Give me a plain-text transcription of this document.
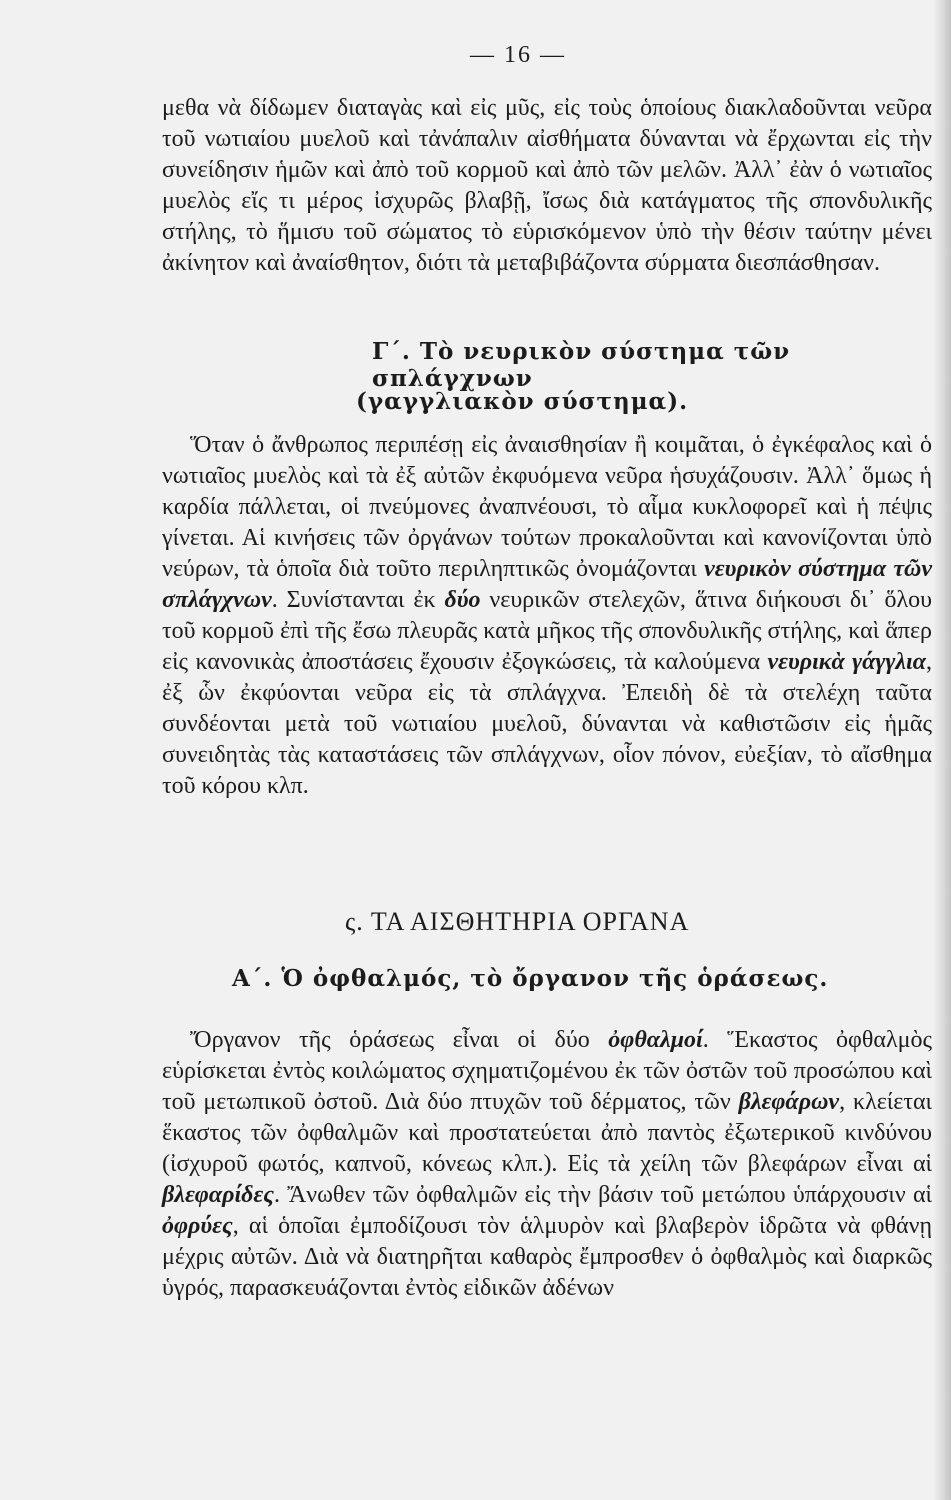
— 16 —

μεθα νὰ δίδωμεν διαταγὰς καὶ εἰς μῦς, εἰς τοὺς ὁποίους διακλαδοῦνται νεῦρα τοῦ νωτιαίου μυελοῦ καὶ τἀνάπαλιν αἰσθήματα δύνανται νὰ ἔρχωνται εἰς τὴν συνείδησιν ἡμῶν καὶ ἀπὸ τοῦ κορμοῦ καὶ ἀπὸ τῶν μελῶν. Ἀλλ᾽ ἐὰν ὁ νωτιαῖος μυελὸς εἴς τι μέρος ἰσχυρῶς βλαβῇ, ἴσως διὰ κατάγματος τῆς σπονδυλικῆς στήλης, τὸ ἥμισυ τοῦ σώματος τὸ εὑρισκόμενον ὑπὸ τὴν θέσιν ταύτην μένει ἀκίνητον καὶ ἀναίσθητον, διότι τὰ μεταβιβάζοντα σύρματα διεσπάσθησαν.

Γ΄. Τὸ νευρικὸν σύστημα τῶν σπλάγχνων
(γαγγλιακὸν σύστημα).

Ὅταν ὁ ἄνθρωπος περιπέσῃ εἰς ἀναισθησίαν ἢ κοιμᾶται, ὁ ἐγκέφαλος καὶ ὁ νωτιαῖος μυελὸς καὶ τὰ ἐξ αὐτῶν ἐκφυόμενα νεῦρα ἡσυχάζουσιν. Ἀλλ᾽ ὅμως ἡ καρδία πάλλεται, οἱ πνεύμονες ἀναπνέουσι, τὸ αἷμα κυκλοφορεῖ καὶ ἡ πέψις γίνεται. Αἱ κινήσεις τῶν ὀργάνων τούτων προκαλοῦνται καὶ κανονίζονται ὑπὸ νεύρων, τὰ ὁποῖα διὰ τοῦτο περιληπτικῶς ὀνομάζονται νευρικὸν σύστημα τῶν σπλάγχνων. Συνίστανται ἐκ δύο νευρικῶν στελεχῶν, ἅτινα διήκουσι δι᾽ ὅλου τοῦ κορμοῦ ἐπὶ τῆς ἔσω πλευρᾶς κατὰ μῆκος τῆς σπονδυλικῆς στήλης, καὶ ἅπερ εἰς κανονικὰς ἀποστάσεις ἔχουσιν ἐξογκώσεις, τὰ καλούμενα νευρικὰ γάγγλια, ἐξ ὧν ἐκφύονται νεῦρα εἰς τὰ σπλάγχνα. Ἐπειδὴ δὲ τὰ στελέχη ταῦτα συνδέονται μετὰ τοῦ νωτιαίου μυελοῦ, δύνανται νὰ καθιστῶσιν εἰς ἡμᾶς συνειδητὰς τὰς καταστάσεις τῶν σπλάγχνων, οἷον πόνον, εὐεξίαν, τὸ αἴσθημα τοῦ κόρου κλπ.

ς. ΤΑ ΑΙΣΘΗΤΗΡΙΑ ΟΡΓΑΝΑ
Α΄. Ὁ ὀφθαλμός, τὸ ὄργανον τῆς ὁράσεως.

Ὄργανον τῆς ὁράσεως εἶναι οἱ δύο ὀφθαλμοί. Ἕκαστος ὀφθαλμὸς εὑρίσκεται ἐντὸς κοιλώματος σχηματιζομένου ἐκ τῶν ὀστῶν τοῦ προσώπου καὶ τοῦ μετωπικοῦ ὀστοῦ. Διὰ δύο πτυχῶν τοῦ δέρματος, τῶν βλεφάρων, κλείεται ἕκαστος τῶν ὀφθαλμῶν καὶ προστατεύεται ἀπὸ παντὸς ἐξωτερικοῦ κινδύνου (ἰσχυροῦ φωτός, καπνοῦ, κόνεως κλπ.). Εἰς τὰ χείλη τῶν βλεφάρων εἶναι αἱ βλεφαρίδες. Ἄνωθεν τῶν ὀφθαλμῶν εἰς τὴν βάσιν τοῦ μετώπου ὑπάρχουσιν αἱ ὀφρύες, αἱ ὁποῖαι ἐμποδίζουσι τὸν ἁλμυρὸν καὶ βλαβερὸν ἱδρῶτα νὰ φθάνῃ μέχρις αὐτῶν. Διὰ νὰ διατηρῆται καθαρὸς ἔμπροσθεν ὁ ὀφθαλμὸς καὶ διαρκῶς ὑγρός, παρασκευάζονται ἐντὸς εἰδικῶν ἀδένων
